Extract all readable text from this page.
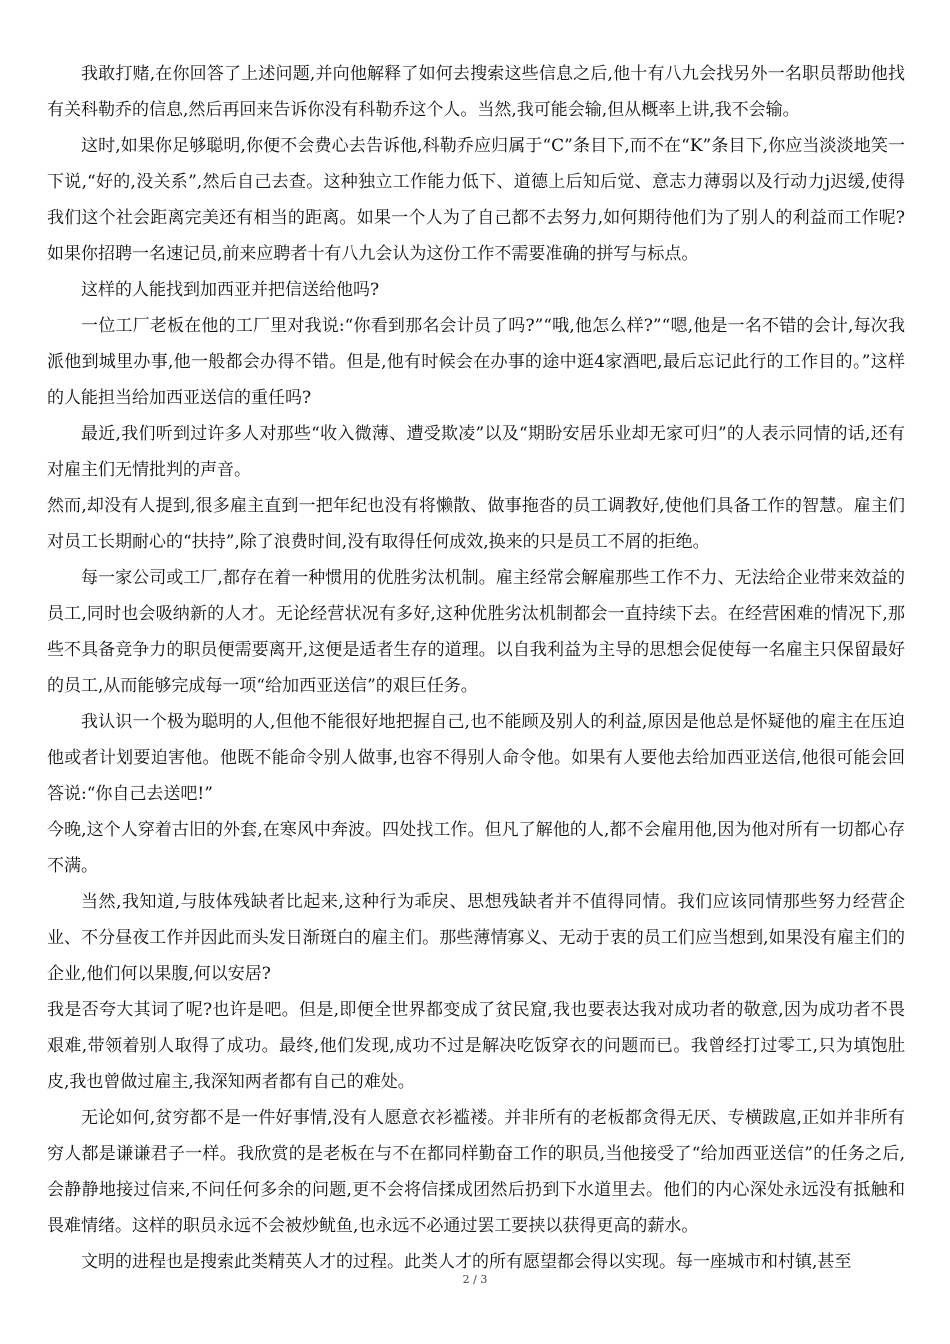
我敢打赌,在你回答了上述问题,并向他解释了如何去搜索这些信息之后,他十有八九会找另外一名职员帮助他找有关科勒乔的信息,然后再回来告诉你没有科勒乔这个人。当然,我可能会输,但从概率上讲,我不会输。

这时,如果你足够聪明,你便不会费心去告诉他,科勒乔应归属于“C”条目下,而不在“K”条目下,你应当淡淡地笑一下说,“好的,没关系”,然后自己去查。这种独立工作能力低下、道德上后知后觉、意志力薄弱以及行动力j迟缓,使得我们这个社会距离完美还有相当的距离。如果一个人为了自己都不去努力,如何期待他们为了别人的利益而工作呢?如果你招聘一名速记员,前来应聘者十有八九会认为这份工作不需要准确的拼写与标点。

这样的人能找到加西亚并把信送给他吗?

一位工厂老板在他的工厂里对我说:“你看到那名会计员了吗?”“哦,他怎么样?”“嗯,他是一名不错的会计,每次我派他到城里办事,他一般都会办得不错。但是,他有时候会在办事的途中逛4家酒吧,最后忘记此行的工作目的。”这样的人能担当给加西亚送信的重任吗?

最近,我们听到过许多人对那些“收入微薄、遭受欺凌”以及“期盼安居乐业却无家可归”的人表示同情的话,还有对雇主们无情批判的声音。

然而,却没有人提到,很多雇主直到一把年纪也没有将懒散、做事拖沓的员工调教好,使他们具备工作的智慧。雇主们对员工长期耐心的“扶持”,除了浪费时间,没有取得任何成效,换来的只是员工不屑的拒绝。

每一家公司或工厂,都存在着一种惯用的优胜劣汰机制。雇主经常会解雇那些工作不力、无法给企业带来效益的员工,同时也会吸纳新的人才。无论经营状况有多好,这种优胜劣汰机制都会一直持续下去。在经营困难的情况下,那些不具备竞争力的职员便需要离开,这便是适者生存的道理。以自我利益为主导的思想会促使每一名雇主只保留最好的员工,从而能够完成每一项“给加西亚送信”的艰巨任务。

我认识一个极为聪明的人,但他不能很好地把握自己,也不能顾及别人的利益,原因是他总是怀疑他的雇主在压迫他或者计划要迫害他。他既不能命令别人做事,也容不得别人命令他。如果有人要他去给加西亚送信,他很可能会回答说:“你自己去送吧!”

今晚,这个人穿着古旧的外套,在寒风中奔波。四处找工作。但凡了解他的人,都不会雇用他,因为他对所有一切都心存不满。

当然,我知道,与肢体残缺者比起来,这种行为乖戾、思想残缺者并不值得同情。我们应该同情那些努力经营企业、不分昼夜工作并因此而头发日渐斑白的雇主们。那些薄情寡义、无动于衷的员工们应当想到,如果没有雇主们的企业,他们何以果腹,何以安居?

我是否夸大其词了呢?也许是吧。但是,即便全世界都变成了贫民窟,我也要表达我对成功者的敬意,因为成功者不畏艰难,带领着别人取得了成功。最终,他们发现,成功不过是解决吃饭穿衣的问题而已。我曾经打过零工,只为填饱肚皮,我也曾做过雇主,我深知两者都有自己的难处。

无论如何,贫穷都不是一件好事情,没有人愿意衣衫褴褛。并非所有的老板都贪得无厌、专横跋扈,正如并非所有穷人都是谦谦君子一样。我欣赏的是老板在与不在都同样勤奋工作的职员,当他接受了“给加西亚送信”的任务之后,会静静地接过信来,不问任何多余的问题,更不会将信揉成团然后扔到下水道里去。他们的内心深处永远没有抵触和畏难情绪。这样的职员永远不会被炒鱿鱼,也永远不必通过罢工要挟以获得更高的薪水。

文明的进程也是搜索此类精英人才的过程。此类人才的所有愿望都会得以实现。每一座城市和村镇,甚至

2 / 3
